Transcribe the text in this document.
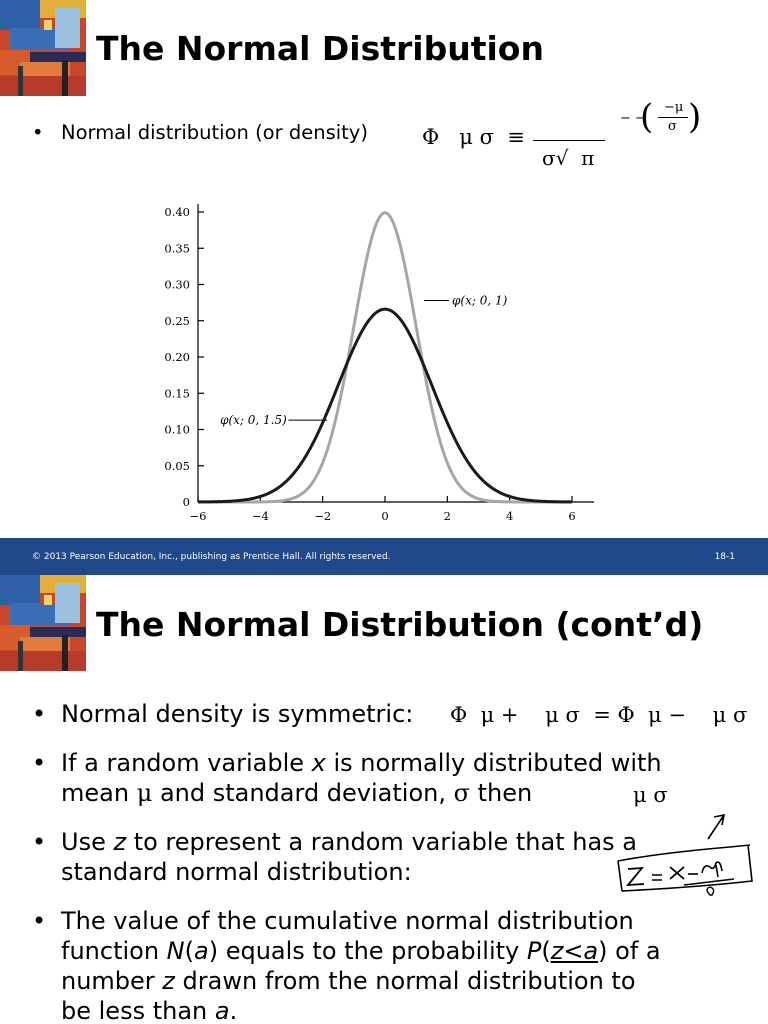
The Normal Distribution
• Normal distribution (or density)	Φ   μ σ  ≡
σ√  π
− −
( −μ
σ )
0
0.05
0.10
0.15
0.20
0.25
0.30
0.35
0.40
−6	−4	−2	0	2	4	6
φ(x; 0, 1)
φ(x; 0, 1.5)
© 2013 Pearson Education, Inc., publishing as Prentice Hall. All rights reserved.	18-1
The Normal Distribution (cont’d)
• Normal density is symmetric:
• If a random variable x is normally distributed with
mean μ and standard deviation, σ then
• Use z to represent a random variable that has a
standard normal distribution:
• The value of the cumulative normal distribution
function N(a) equals to the probability P(z<a) of a
number z drawn from the normal distribution to
be less than a.
Φ  μ +    μ σ  = Φ  μ −    μ σ
μ σ
